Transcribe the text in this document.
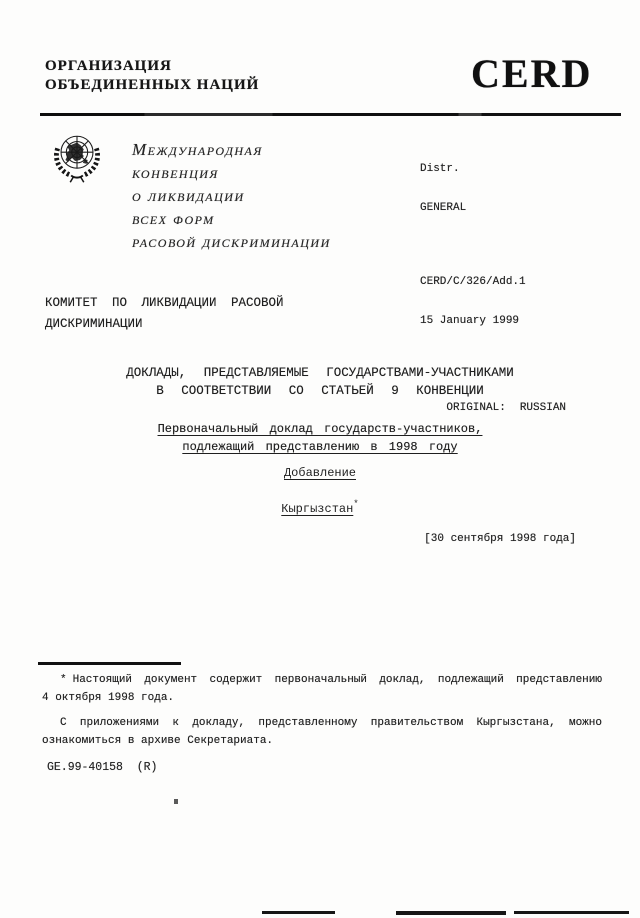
ОРГАНИЗАЦИЯ
ОБЪЕДИНЕННЫХ НАЦИЙ	CERD
Международная
конвенция
о ликвидации
всех форм
расовой дискриминации

Distr.

GENERAL

CERD/C/326/Add.1

15 January 1999

ORIGINAL: RUSSIAN

КОМИТЕТ ПО ЛИКВИДАЦИИ РАСОВОЙ
ДИСКРИМИНАЦИИ
ДОКЛАДЫ, ПРЕДСТАВЛЯЕМЫЕ ГОСУДАРСТВАМИ-УЧАСТНИКАМИ
В СООТВЕТСТВИИ СО СТАТЬЕЙ 9 КОНВЕНЦИИ
Первоначальный доклад государств-участников,
подлежащий представлению в 1998 году
Добавление
Кыргызстан*
[30 сентября 1998 года]
* Настоящий документ содержит первоначальный доклад, подлежащий представлению
4 октября 1998 года.
С приложениями к докладу, представленному правительством Кыргызстана, можно
ознакомиться в архиве Секретариата.
GE.99-40158  (R)
